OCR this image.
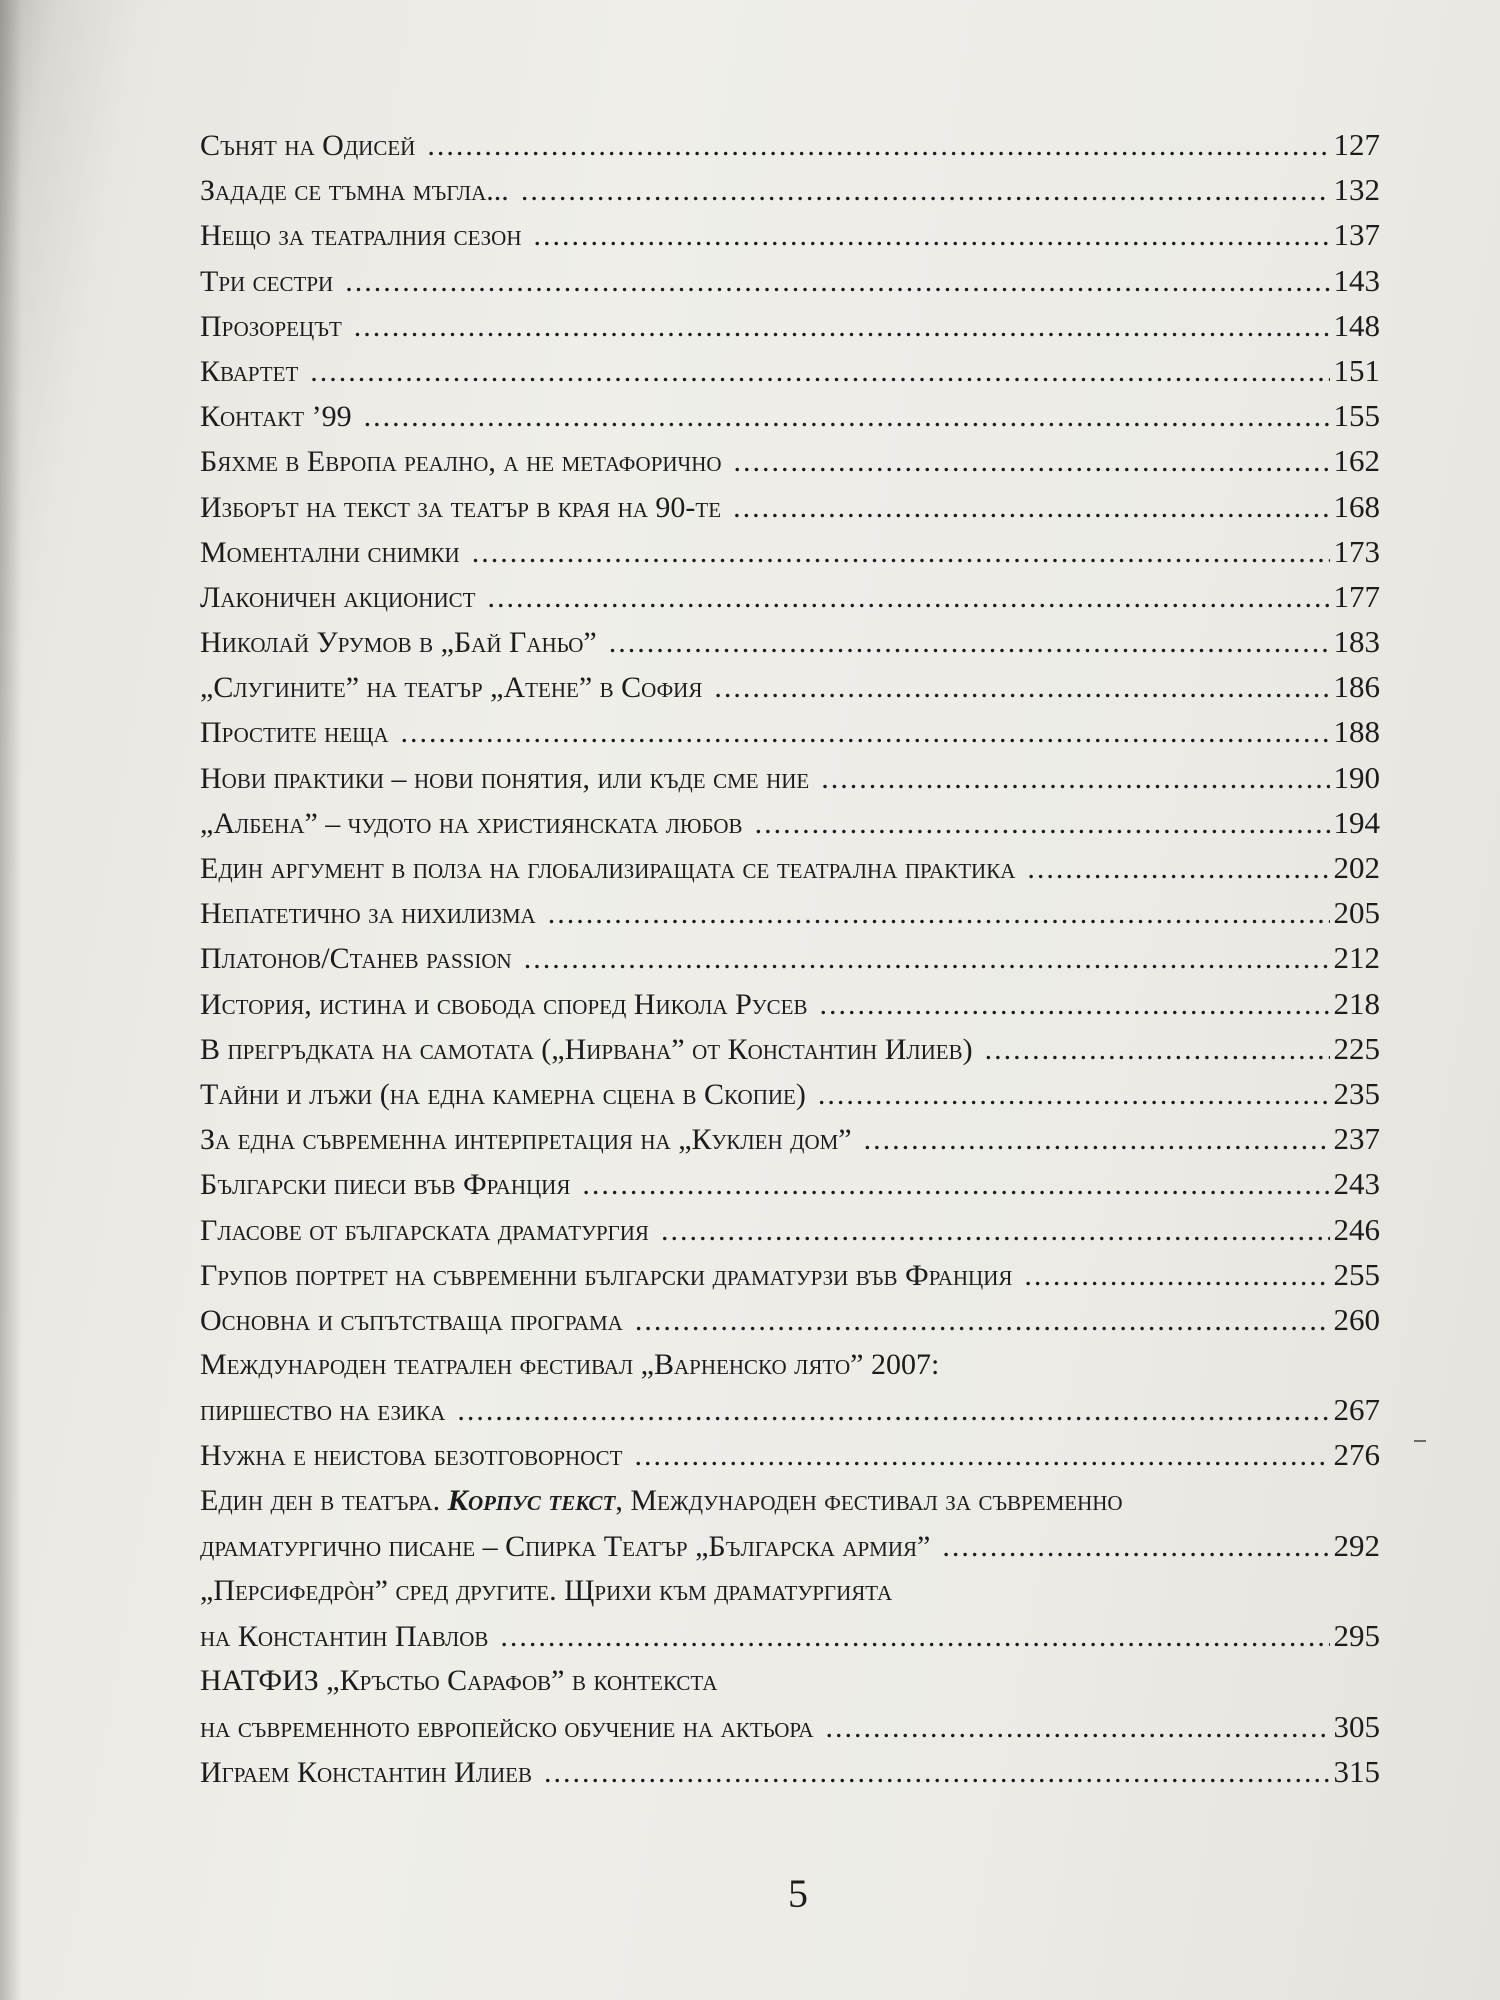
Сънят на Одисей .....	127
Зададе се тъмна мъгла... .....	132
Нещо за театралния сезон .....	137
Три сестри .....	143
Прозорецът .....	148
Квартет .....	151
Контакт ’99 .....	155
Бяхме в Европа реално, а не метафорично .....	162
Изборът на текст за театър в края на 90-те .....	168
Моментални снимки .....	173
Лаконичен акционист .....	177
Николай Урумов в „Бай Ганьо” .....	183
„Слугините” на театър „Атене” в София .....	186
Простите неща .....	188
Нови практики – нови понятия, или къде сме ние .....	190
„Албена” – чудото на християнската любов .....	194
Един аргумент в полза на глобализиращата се театрална практика .....	202
Непатетично за нихилизма .....	205
Платонов/Станев passion .....	212
История, истина и свобода според Никола Русев .....	218
В прегръдката на самотата („Нирвана” от Константин Илиев) .....	225
Тайни и лъжи (на една камерна сцена в Скопие) .....	235
За една съвременна интерпретация на „Куклен дом” .....	237
Български пиеси във Франция .....	243
Гласове от българската драматургия .....	246
Групов портрет на съвременни български драматурзи във Франция .....	255
Основна и съпътстваща програма .....	260
Международен театрален фестивал „Варненско лято” 2007:
пиршество на езика .....	267
Нужна е неистова безотговорност .....	276
Един ден в театъра. Корпус текст, Международен фестивал за съвременно
драматургично писане – Спирка Театър „Българска армия” .....	292
„Персифедрòн” сред другите. Щрихи към драматургията
на Константин Павлов .....	295
НАТФИЗ „Кръстьо Сарафов” в контекста
на съвременното европейско обучение на актьора .....	305
Играем Константин Илиев .....	315
5
